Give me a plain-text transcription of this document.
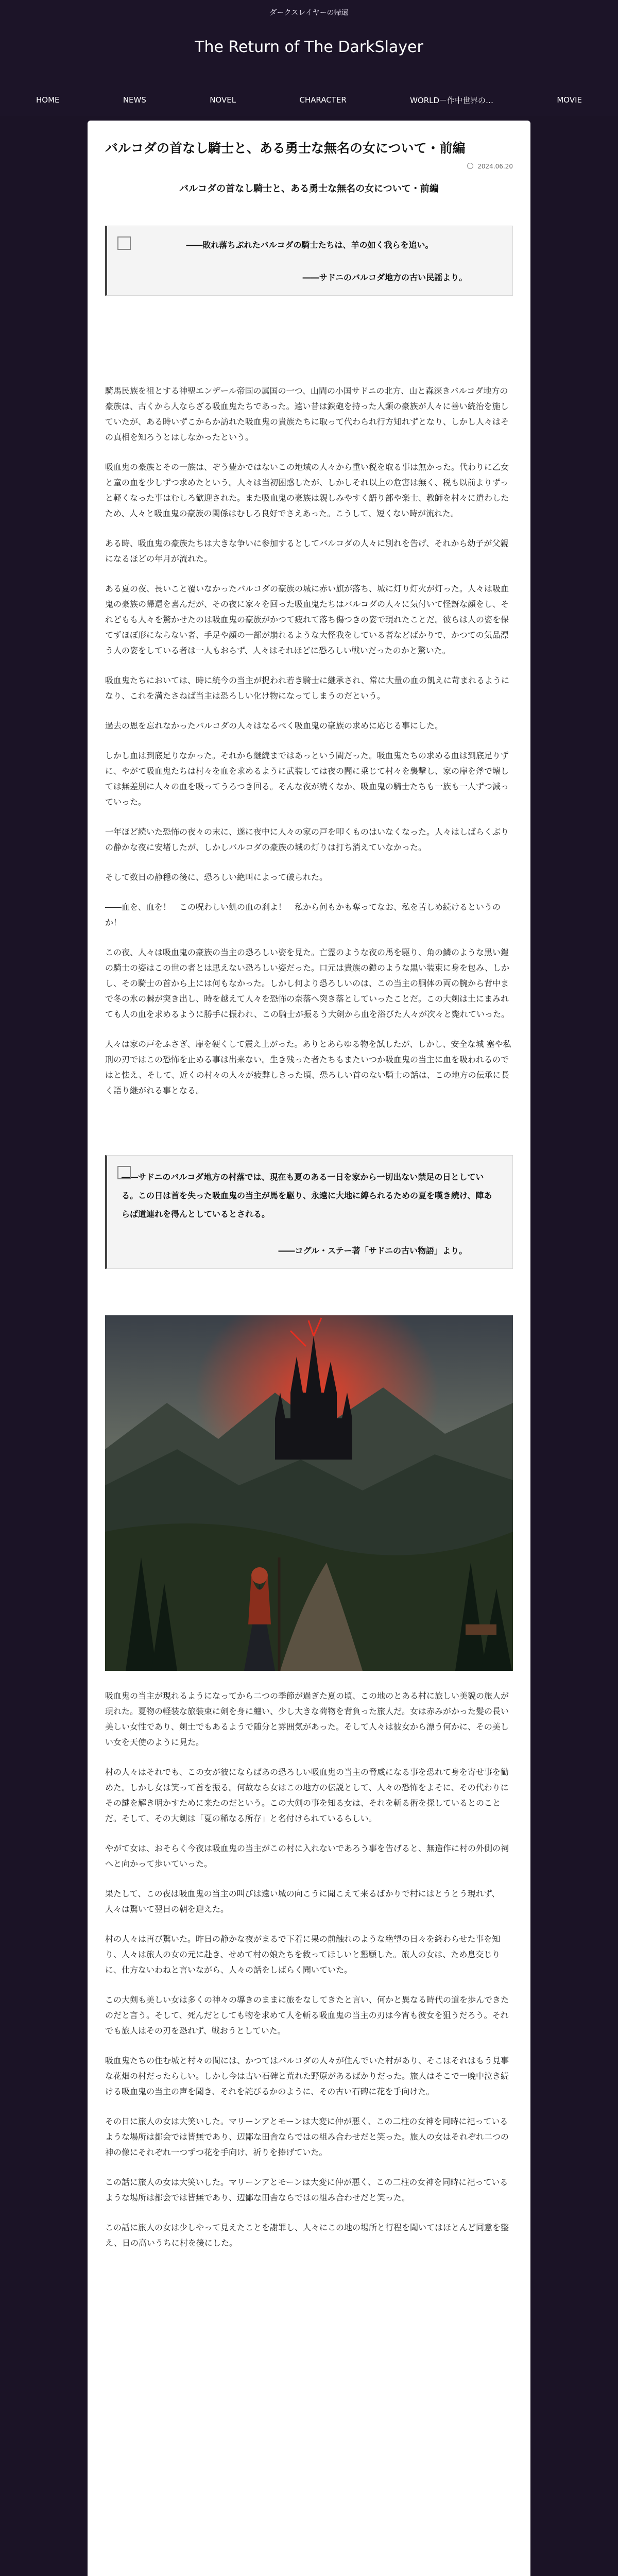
ダークスレイヤーの帰還
The Return of The DarkSlayer
HOME	NEWS	NOVEL	CHARACTER	WORLD－作中世界の…	MOVIE
バルコダの首なし騎士と、ある勇士な無名の女について・前編
2024.06.20
バルコダの首なし騎士と、ある勇士な無名の女について・前編
――敗れ落ちぶれたバルコダの騎士たちは、羊の如く我らを追い。
――サドニのバルコダ地方の古い民謡より。

騎馬民族を祖とする神聖エンデール帝国の属国の一つ、山間の小国サドニの北方、山と森深きバルコダ地方の豪族は、古くから人ならざる吸血鬼たちであった。遠い昔は鉄砲を持った人類の豪族が人々に善い統治を施していたが、ある時いずこからか訪れた吸血鬼の貴族たちに取って代わられ行方知れずとなり、しかし人々はその真相を知ろうとはしなかったという。

吸血鬼の豪族とその一族は、ぞう豊かではないこの地域の人々から重い税を取る事は無かった。代わりに乙女と童の血を少しずつ求めたという。人々は当初困惑したが、しかしそれ以上の危害は無く、税も以前よりずっと軽くなった事はむしろ歓迎された。また吸血鬼の豪族は親しみやすく語り部や楽士、教師を村々に遣わしたため、人々と吸血鬼の豪族の関係はむしろ良好でさえあった。こうして、短くない時が流れた。

ある時、吸血鬼の豪族たちは大きな争いに参加するとしてバルコダの人々に別れを告げ、それから幼子が父親になるほどの年月が流れた。

ある夏の夜、長いこと覆いなかったバルコダの豪族の城に赤い旗が落ち、城に灯り灯火が灯った。人々は吸血鬼の豪族の帰還を喜んだが、その夜に家々を回った吸血鬼たちはバルコダの人々に気付いて怪訝な顔をし、それどもも人々を驚かせたのは吸血鬼の豪族がかつて疲れて落ち傷つきの姿で現れたことだ。彼らは人の姿を保てずほぼ形にならない者、手足や顔の一部が崩れるような大怪我をしている者などばかりで、かつての気品漂う人の姿をしている者は一人もおらず、人々はそれほどに恐ろしい戦いだったのかと驚いた。

吸血鬼たちにおいては、時に統今の当主が捉われ若き騎士に継承され、常に大量の血の飢えに苛まれるようになり、これを満たさねば当主は恐ろしい化け物になってしまうのだという。

過去の恩を忘れなかったバルコダの人々はなるべく吸血鬼の豪族の求めに応じる事にした。

しかし血は到底足りなかった。それから継続まではあっという間だった。吸血鬼たちの求める血は到底足りずに、やがて吸血鬼たちは村々を血を求めるように武装しては夜の闇に乗じて村々を襲撃し、家の扉を斧で壊しては無差別に人々の血を吸ってうろつき回る。そんな夜が続くなか、吸血鬼の騎士たちも一族も一人ずつ減っていった。

一年ほど続いた恐怖の夜々の末に、遂に夜中に人々の家の戸を叩くものはいなくなった。人々はしばらくぶりの静かな夜に安堵したが、しかしバルコダの豪族の城の灯りは打ち消えていなかった。

そして数日の静穏の後に、恐ろしい絶叫によって破られた。

――血を、血を！　この呪わしい飢の血の刹よ！　私から何もかも奪ってなお、私を苦しめ続けるというのか！

この夜、人々は吸血鬼の豪族の当主の恐ろしい姿を見た。亡霊のような夜の馬を駆り、角の鱗のような黒い鎧の騎士の姿はこの世の者とは思えない恐ろしい姿だった。口元は貴族の鎧のような黒い装束に身を包み、しかし、その騎士の首から上には何もなかった。しかし何より恐ろしいのは、この当主の胴体の両の腕から背中まで冬の氷の棘が突き出し、時を越えて人々を恐怖の奈落へ突き落としていったことだ。この大剣は土にまみれても人の血を求めるように勝手に振われ、この騎士が振るう大剣から血を浴びた人々が次々と斃れていった。

人々は家の戸をふさぎ、扉を硬くして震え上がった。ありとあらゆる物を試したが、しかし、安全な城 塞や私刑の刃ではこの恐怖を止める事は出来ない。生き残った者たちもまたいつか吸血鬼の当主に血を吸われるのではと怯え、そして、近くの村々の人々が疲弊しきった頃、恐ろしい首のない騎士の話は、この地方の伝承に長く語り継がれる事となる。

――サドニのバルコダ地方の村落では、現在も夏のある一日を家から一切出ない禁足の日としている。この日は首を失った吸血鬼の当主が馬を駆り、永遠に大地に縛られるための夏を嘆き続け、陣あらば道連れを得んとしているとされる。
――コグル・ステー著「サドニの古い物語」より。

吸血鬼の当主が現れるようになってから二つの季節が過ぎた夏の頃、この地のとある村に旅しい美貌の旅人が現れた。夏物の軽装な旅装束に剣を身に纏い、少し大きな荷物を背負った旅人だ。女は赤みがかった髪の長い美しい女性であり、剣士でもあるようで随分と雰囲気があった。そして人々は彼女から漂う何かに、その美しい女を天使のように見た。

村の人々はそれでも、この女が彼にならばあの恐ろしい吸血鬼の当主の脅威になる事を恐れて身を寄せ事を勧めた。しかし女は笑って首を振る。何故なら女はこの地方の伝説として、人々の恐怖をよそに、その代わりにその謎を解き明かすために来たのだという。この大剣の事を知る女は、それを斬る術を探しているとのことだ。そして、その大剣は「夏の稀なる所存」と名付けられているらしい。

やがて女は、おそらく今夜は吸血鬼の当主がこの村に入れないであろう事を告げると、無造作に村の外側の祠へと向かって歩いていった。

果たして、この夜は吸血鬼の当主の叫びは遠い城の向こうに聞こえて来るばかりで村にはとうとう現れず、人々は驚いて翌日の朝を迎えた。

村の人々は再び驚いた。昨日の静かな夜がまるで下着に果の前触れのような絶望の日々を終わらせた事を知り、人々は旅人の女の元に赴き、せめて村の娘たちを救ってほしいと懇願した。旅人の女は、ため息交じりに、仕方ないわねと言いながら、人々の話をしばらく聞いていた。

この大剣も美しい女は多くの神々の導きのままに旅をなしてきたと言い、何かと異なる時代の道を歩んできたのだと言う。そして、死んだとしても物を求めて人を斬る吸血鬼の当主の刃は今宵も彼女を狙うだろう。それでも旅人はその刃を恐れず、戦おうとしていた。

吸血鬼たちの住む城と村々の間には、かつてはバルコダの人々が住んでいた村があり、そこはそれはもう見事な花畑の村だったらしい。しかし今は古い石碑と荒れた野原があるばかりだった。旅人はそこで一晩中泣き続ける吸血鬼の当主の声を聞き、それを詫びるかのように、その古い石碑に花を手向けた。

その日に旅人の女は大笑いした。マリーンアとモーンは大変に仲が悪く、この二柱の女神を同時に祀っているような場所は都会では皆無であり、辺鄙な田舎ならではの組み合わせだと笑った。旅人の女はそれぞれ二つの神の像にそれぞれ一つずつ花を手向け、祈りを捧げていた。

この話に旅人の女は大笑いした。マリーンアとモーンは大変に仲が悪く、この二柱の女神を同時に祀っているような場所は都会では皆無であり、辺鄙な田舎ならではの組み合わせだと笑った。

この話に旅人の女は少しやって見えたことを謝罪し、人々にこの地の場所と行程を聞いてはほとんど同意を整え、日の高いうちに村を後にした。
